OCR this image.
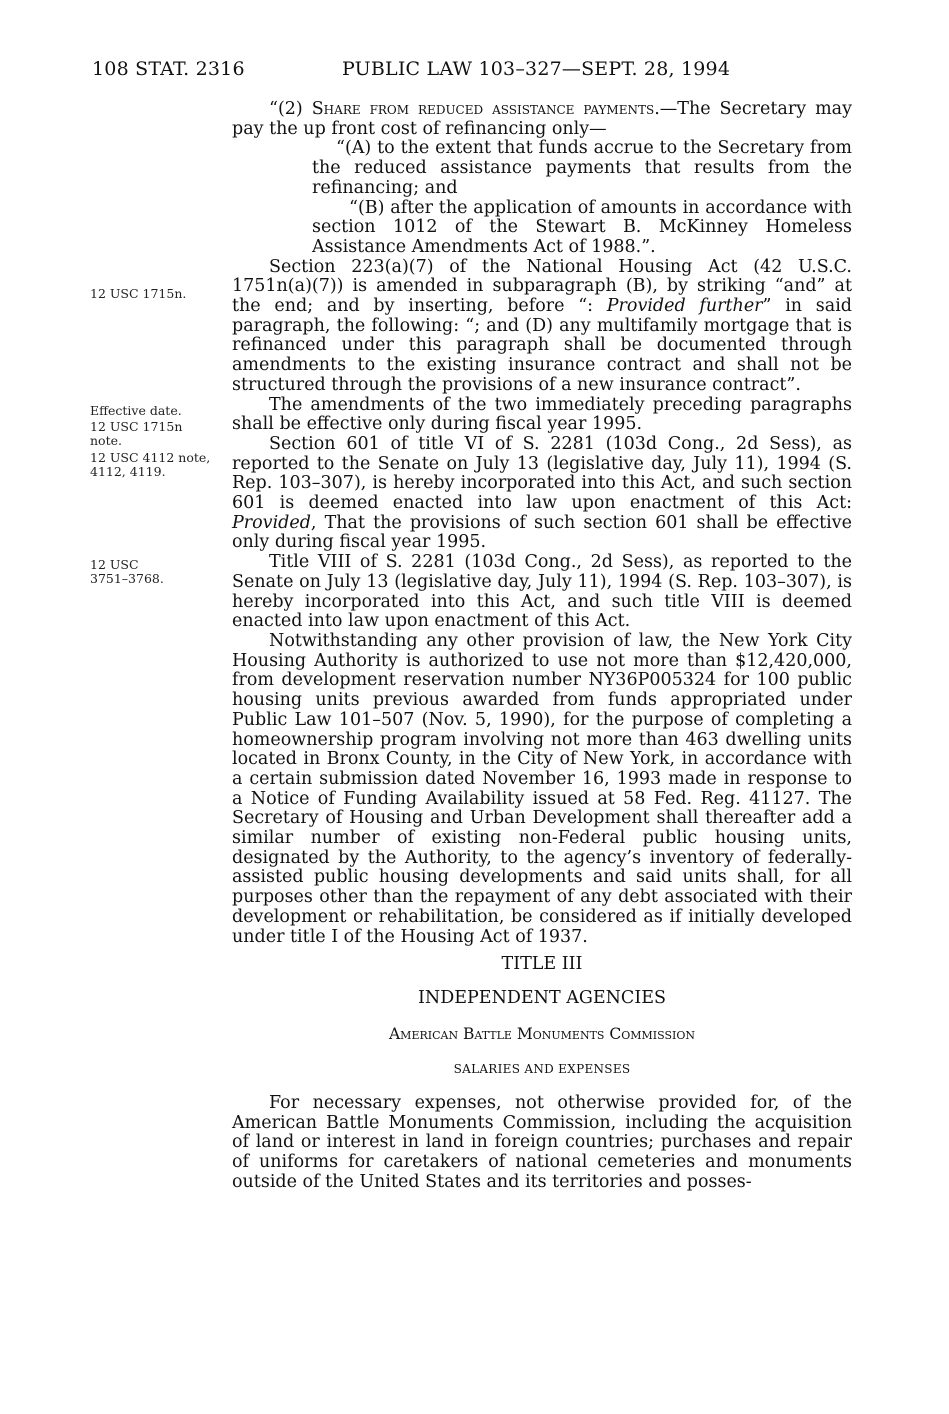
108 STAT. 2316	PUBLIC LAW 103–327—SEPT. 28, 1994
12 USC 1715n.
Effective date.
12 USC 1715n note.
12 USC 4112 note, 4112, 4119.
12 USC 3751–3768.

“(2) Share from reduced assistance payments.—The Secretary may pay the up front cost of refinancing only—

“(A) to the extent that funds accrue to the Secretary from the reduced assistance payments that results from the refinancing; and

“(B) after the application of amounts in accordance with section 1012 of the Stewart B. McKinney Homeless Assistance Amendments Act of 1988.”.

Section 223(a)(7) of the National Housing Act (42 U.S.C. 1751n(a)(7)) is amended in subparagraph (B), by striking “and” at the end; and by inserting, before “: Provided further” in said paragraph, the following: “; and (D) any multifamily mortgage that is refinanced under this paragraph shall be documented through amendments to the existing insurance contract and shall not be structured through the provisions of a new insurance contract”.

The amendments of the two immediately preceding paragraphs shall be effective only during fiscal year 1995.

Section 601 of title VI of S. 2281 (103d Cong., 2d Sess), as reported to the Senate on July 13 (legislative day, July 11), 1994 (S. Rep. 103–307), is hereby incorporated into this Act, and such section 601 is deemed enacted into law upon enactment of this Act: Provided, That the provisions of such section 601 shall be effective only during fiscal year 1995.

Title VIII of S. 2281 (103d Cong., 2d Sess), as reported to the Senate on July 13 (legislative day, July 11), 1994 (S. Rep. 103–307), is hereby incorporated into this Act, and such title VIII is deemed enacted into law upon enactment of this Act.

Notwithstanding any other provision of law, the New York City Housing Authority is authorized to use not more than $12,420,000, from development reservation number NY36P005324 for 100 public housing units previous awarded from funds appropriated under Public Law 101–507 (Nov. 5, 1990), for the purpose of completing a homeownership program involving not more than 463 dwelling units located in Bronx County, in the City of New York, in accordance with a certain submission dated November 16, 1993 made in response to a Notice of Funding Availability issued at 58 Fed. Reg. 41127. The Secretary of Housing and Urban Development shall thereafter add a similar number of existing non-Federal public housing units, designated by the Authority, to the agency’s inventory of federally-assisted public housing developments and said units shall, for all purposes other than the repayment of any debt associated with their development or rehabilitation, be considered as if initially developed under title I of the Housing Act of 1937.

TITLE III

INDEPENDENT AGENCIES

American Battle Monuments Commission

SALARIES AND EXPENSES

For necessary expenses, not otherwise provided for, of the American Battle Monuments Commission, including the acquisition of land or interest in land in foreign countries; purchases and repair of uniforms for caretakers of national cemeteries and monuments outside of the United States and its territories and posses-
